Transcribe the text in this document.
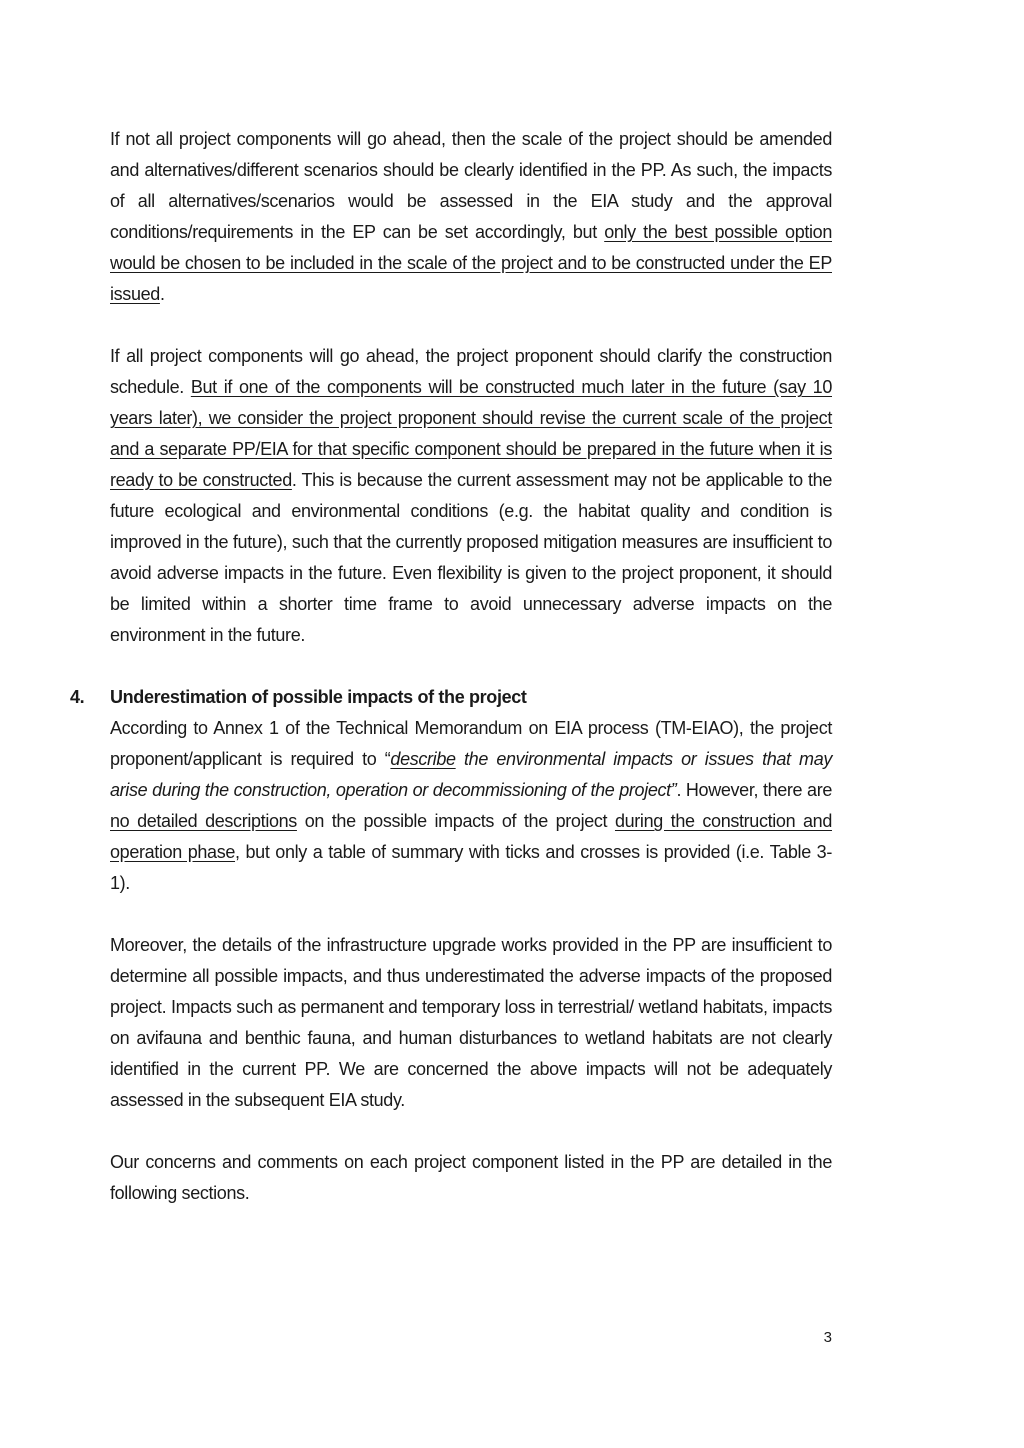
If not all project components will go ahead, then the scale of the project should be amended and alternatives/different scenarios should be clearly identified in the PP. As such, the impacts of all alternatives/scenarios would be assessed in the EIA study and the approval conditions/requirements in the EP can be set accordingly, but only the best possible option would be chosen to be included in the scale of the project and to be constructed under the EP issued.

If all project components will go ahead, the project proponent should clarify the construction schedule. But if one of the components will be constructed much later in the future (say 10 years later), we consider the project proponent should revise the current scale of the project and a separate PP/EIA for that specific component should be prepared in the future when it is ready to be constructed. This is because the current assessment may not be applicable to the future ecological and environmental conditions (e.g. the habitat quality and condition is improved in the future), such that the currently proposed mitigation measures are insufficient to avoid adverse impacts in the future. Even flexibility is given to the project proponent, it should be limited within a shorter time frame to avoid unnecessary adverse impacts on the environment in the future.

4. Underestimation of possible impacts of the project

According to Annex 1 of the Technical Memorandum on EIA process (TM-EIAO), the project proponent/applicant is required to “describe the environmental impacts or issues that may arise during the construction, operation or decommissioning of the project”. However, there are no detailed descriptions on the possible impacts of the project during the construction and operation phase, but only a table of summary with ticks and crosses is provided (i.e. Table 3-1).

Moreover, the details of the infrastructure upgrade works provided in the PP are insufficient to determine all possible impacts, and thus underestimated the adverse impacts of the proposed project. Impacts such as permanent and temporary loss in terrestrial/ wetland habitats, impacts on avifauna and benthic fauna, and human disturbances to wetland habitats are not clearly identified in the current PP. We are concerned the above impacts will not be adequately assessed in the subsequent EIA study.

Our concerns and comments on each project component listed in the PP are detailed in the following sections.

3
